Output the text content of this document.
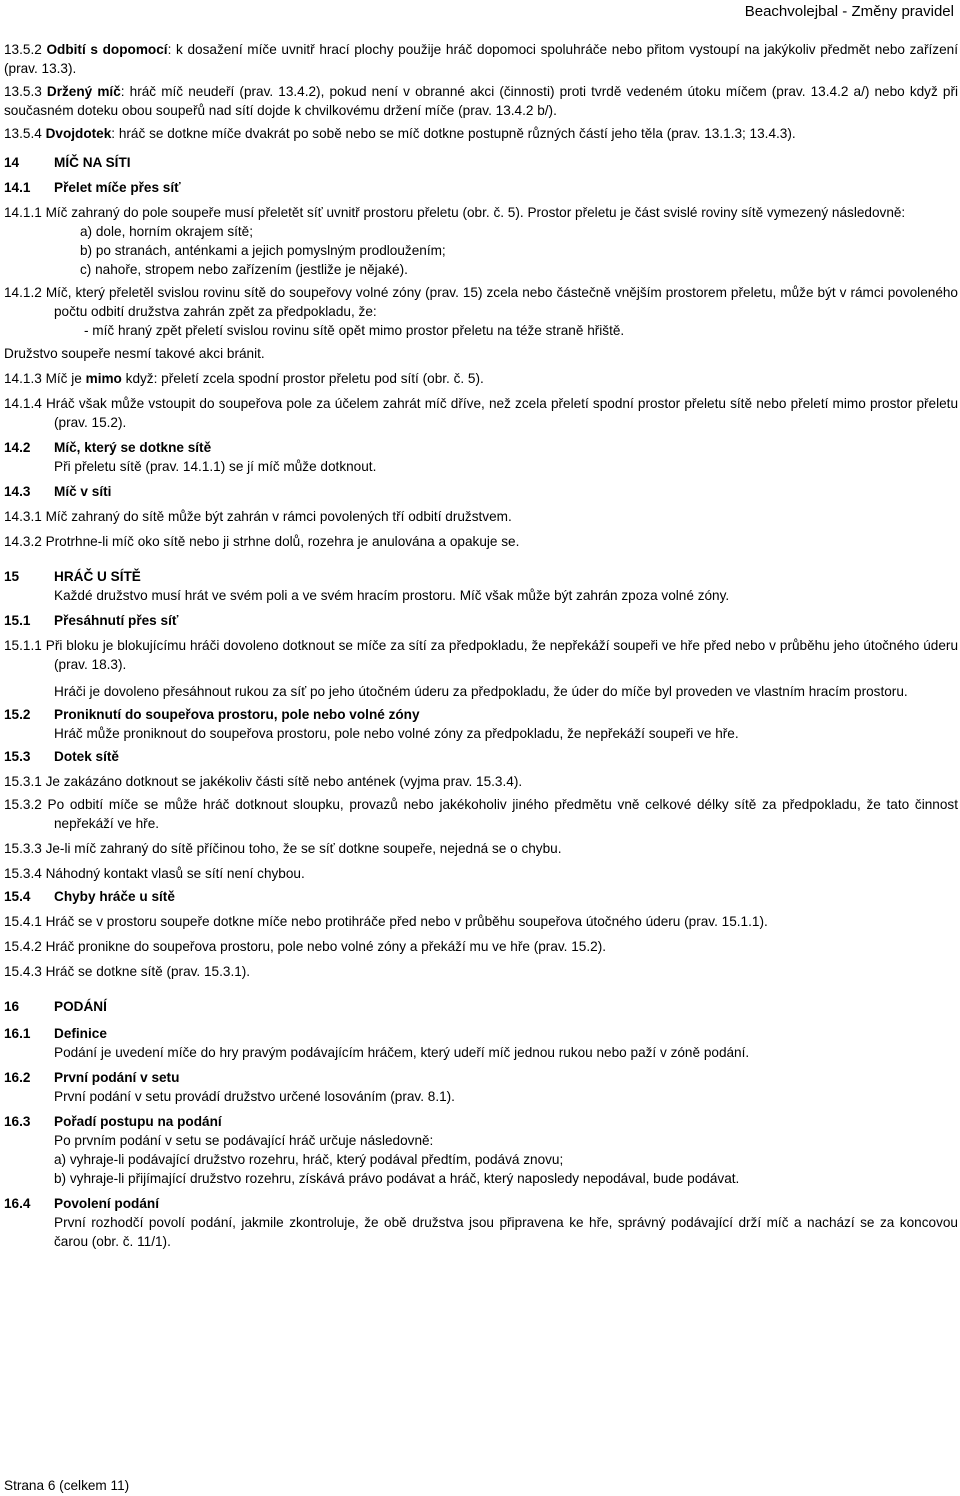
Beachvolejbal - Změny pravidel

13.5.2 Odbití s dopomocí: k dosažení míče uvnitř hrací plochy použije hráč dopomoci spoluhráče nebo přitom vystoupí na jakýkoliv předmět nebo zařízení (prav. 13.3).

13.5.3 Držený míč: hráč míč neudeří (prav. 13.4.2), pokud není v obranné akci (činnosti) proti tvrdě vedeném útoku míčem (prav. 13.4.2 a/) nebo když při současném doteku obou soupeřů nad sítí dojde k chvilkovému držení míče (prav. 13.4.2 b/).

13.5.4 Dvojdotek: hráč se dotkne míče dvakrát po sobě nebo se míč dotkne postupně různých částí jeho těla (prav. 13.1.3; 13.4.3).

14	MÍČ NA SÍTI
14.1	Přelet míče přes síť

14.1.1 Míč zahraný do pole soupeře musí přeletět síť uvnitř prostoru přeletu (obr. č. 5). Prostor přeletu je část svislé roviny sítě vymezený následovně:

a) dole, horním okrajem sítě;

b) po stranách, anténkami a jejich pomyslným prodloužením;

c) nahoře, stropem nebo zařízením (jestliže je nějaké).

14.1.2 Míč, který přeletěl svislou rovinu sítě do soupeřovy volné zóny (prav. 15) zcela nebo částečně vnějším prostorem přeletu, může být v rámci povoleného počtu odbití družstva zahrán zpět za předpokladu, že:

- míč hraný zpět přeletí svislou rovinu sítě opět mimo prostor přeletu na téže straně hřiště.

Družstvo soupeře nesmí takové akci bránit.

14.1.3 Míč je mimo když: přeletí zcela spodní prostor přeletu pod sítí (obr. č. 5).

14.1.4 Hráč však může vstoupit do soupeřova pole za účelem zahrát míč dříve, než zcela přeletí spodní prostor přeletu sítě nebo přeletí mimo prostor přeletu (prav. 15.2).

14.2	Míč, který se dotkne sítě

Při přeletu sítě (prav. 14.1.1) se jí míč může dotknout.

14.3	Míč v síti

14.3.1 Míč zahraný do sítě může být zahrán v rámci povolených tří odbití družstvem.

14.3.2 Protrhne-li míč oko sítě nebo ji strhne dolů, rozehra je anulována a opakuje se.

15	HRÁČ U SÍTĚ

Každé družstvo musí hrát ve svém poli a ve svém hracím prostoru. Míč však může být zahrán zpoza volné zóny.

15.1	Přesáhnutí přes síť

15.1.1 Při bloku je blokujícímu hráči dovoleno dotknout se míče za sítí za předpokladu, že nepřekáží soupeři ve hře před nebo v průběhu jeho útočného úderu (prav. 18.3).

Hráči je dovoleno přesáhnout rukou za síť po jeho útočném úderu za předpokladu, že úder do míče byl proveden ve vlastním hracím prostoru.

15.2	Proniknutí do soupeřova prostoru, pole nebo volné zóny

Hráč může proniknout do soupeřova prostoru, pole nebo volné zóny za předpokladu, že nepřekáží soupeři ve hře.

15.3	Dotek sítě

15.3.1 Je zakázáno dotknout se jakékoliv části sítě nebo antének (vyjma prav. 15.3.4).

15.3.2 Po odbití míče se může hráč dotknout sloupku, provazů nebo jakékoholiv jiného předmětu vně celkové délky sítě za předpokladu, že tato činnost nepřekáží ve hře.

15.3.3 Je-li míč zahraný do sítě příčinou toho, že se síť dotkne soupeře, nejedná se o chybu.

15.3.4 Náhodný kontakt vlasů se sítí není chybou.

15.4	Chyby hráče u sítě

15.4.1 Hráč se v prostoru soupeře dotkne míče nebo protihráče před nebo v průběhu soupeřova útočného úderu (prav. 15.1.1).

15.4.2 Hráč pronikne do soupeřova prostoru, pole nebo volné zóny a překáží mu ve hře (prav. 15.2).

15.4.3 Hráč se dotkne sítě (prav. 15.3.1).

16	PODÁNÍ
16.1	Definice

Podání je uvedení míče do hry pravým podávajícím hráčem, který udeří míč jednou rukou nebo paží v zóně podání.

16.2	První podání v setu

První podání v setu provádí družstvo určené losováním (prav. 8.1).

16.3	Pořadí postupu na podání

Po prvním podání v setu se podávající hráč určuje následovně:

a) vyhraje-li podávající družstvo rozehru, hráč, který podával předtím, podává znovu;

b) vyhraje-li přijímající družstvo rozehru, získává právo podávat a hráč, který naposledy nepodával, bude podávat.

16.4	Povolení podání

První rozhodčí povolí podání, jakmile zkontroluje, že obě družstva jsou připravena ke hře, správný podávající drží míč a nachází se za koncovou čarou (obr. č. 11/1).

Strana 6 (celkem 11)
